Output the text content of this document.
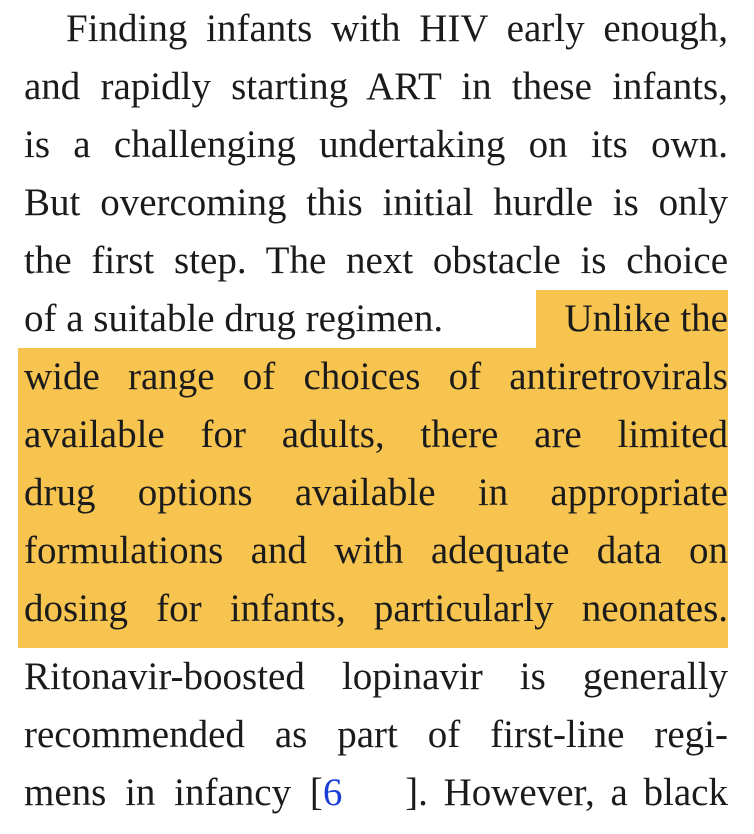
Finding infants with HIV early enough,
and rapidly starting ART in these infants,
is a challenging undertaking on its own.
But overcoming this initial hurdle is only
the first step. The next obstacle is choice
of a suitable drug regimen.	Unlike the
wide range of choices of antiretrovirals
available for adults, there are limited
drug options available in appropriate
formulations and with adequate data on
dosing for infants, particularly neonates.
Ritonavir-boosted lopinavir is generally
recommended as part of first-line regi-
mens in infancy [6 ]. However, a black
